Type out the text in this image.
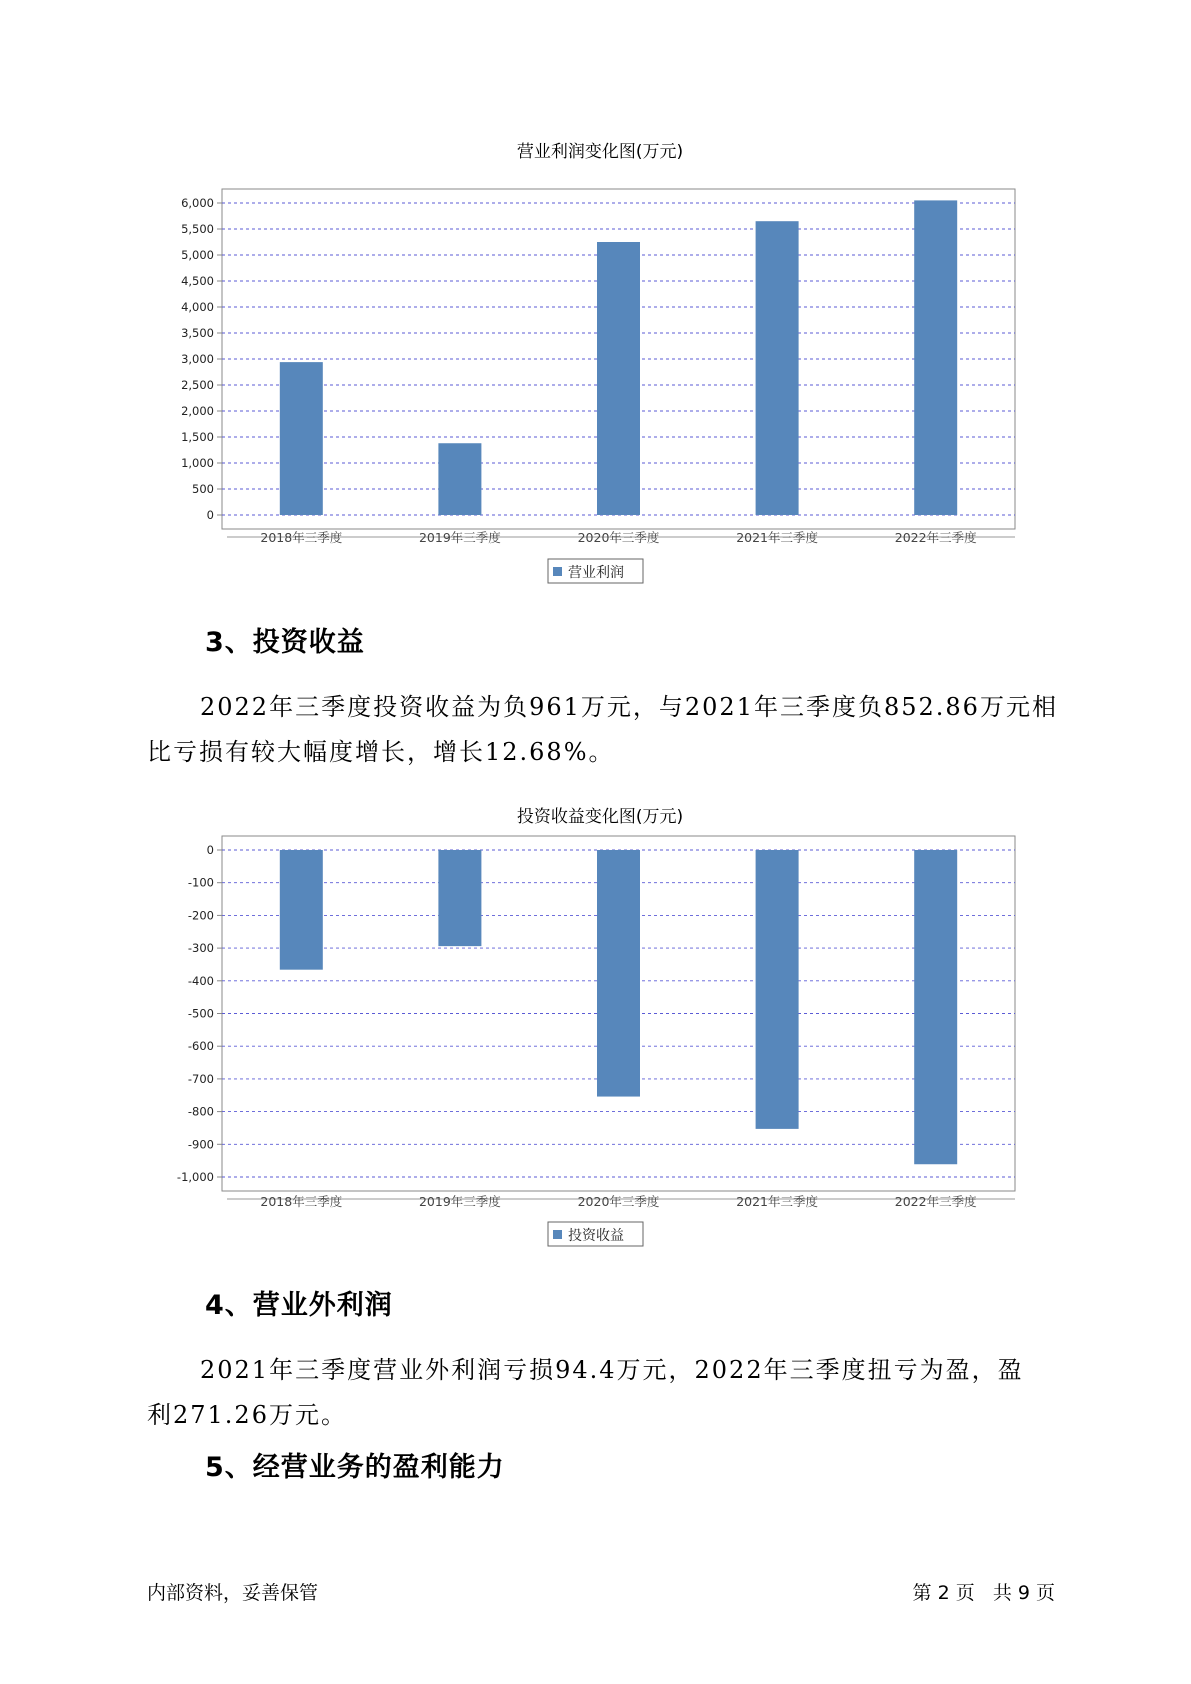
营业利润变化图(万元)
6,000
5,500
5,000
4,500
4,000
3,500
3,000
2,500
2,000
1,500
1,000
500
0
2018年三季度	2019年三季度	2020年三季度	2021年三季度	2022年三季度
营业利润
3、投资收益

2022年三季度投资收益为负961万元，与2021年三季度负852.86万元相
比亏损有较大幅度增长，增长12.68%。

投资收益变化图(万元)
0
-100
-200
-300
-400
-500
-600
-700
-800
-900
-1,000
2018年三季度	2019年三季度	2020年三季度	2021年三季度	2022年三季度
投资收益
4、营业外利润

2021年三季度营业外利润亏损94.4万元，2022年三季度扭亏为盈，盈
利271.26万元。

5、经营业务的盈利能力
内部资料，妥善保管	第 2 页   共 9 页
